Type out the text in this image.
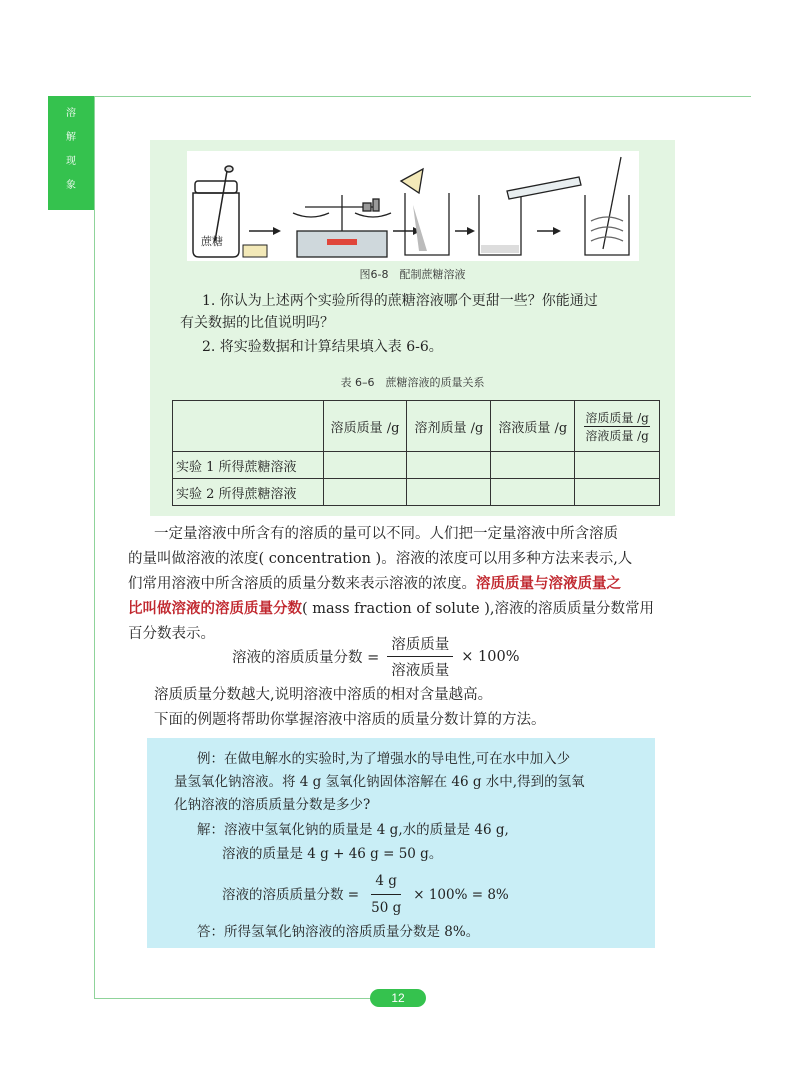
溶
解
现
象
蔗糖
图6-8　配制蔗糖溶液
1. 你认为上述两个实验所得的蔗糖溶液哪个更甜一些？你能通过
有关数据的比值说明吗？
2. 将实验数据和计算结果填入表 6-6。
表 6–6　蔗糖溶液的质量关系
	溶质质量 /g	溶剂质量 /g	溶液质量 /g	$\frac{\text{溶质质量 /g}}{\text{溶液质量 /g}}$

实验 1 所得蔗糖溶液				
实验 2 所得蔗糖溶液				
一定量溶液中所含有的溶质的量可以不同。人们把一定量溶液中所含溶质
的量叫做溶液的浓度( concentration )。溶液的浓度可以用多种方法来表示,人
们常用溶液中所含溶质的质量分数来表示溶液的浓度。溶质质量与溶液质量之
比叫做溶液的溶质质量分数( mass fraction of solute ),溶液的溶质质量分数常用
百分数表示。
溶液的溶质质量分数 =
溶质质量
溶液质量
× 100%
溶质质量分数越大,说明溶液中溶质的相对含量越高。
下面的例题将帮助你掌握溶液中溶质的质量分数计算的方法。
例：在做电解水的实验时,为了增强水的导电性,可在水中加入少
量氢氧化钠溶液。将 4 g 氢氧化钠固体溶解在 46 g 水中,得到的氢氧
化钠溶液的溶质质量分数是多少?
解：溶液中氢氧化钠的质量是 4 g,水的质量是 46 g,
溶液的质量是 4 g + 46 g = 50 g。
溶液的溶质质量分数 = $\frac{4 g}{50 g} \times 100\% = 8\%$
答：所得氢氧化钠溶液的溶质质量分数是 8%。
12
